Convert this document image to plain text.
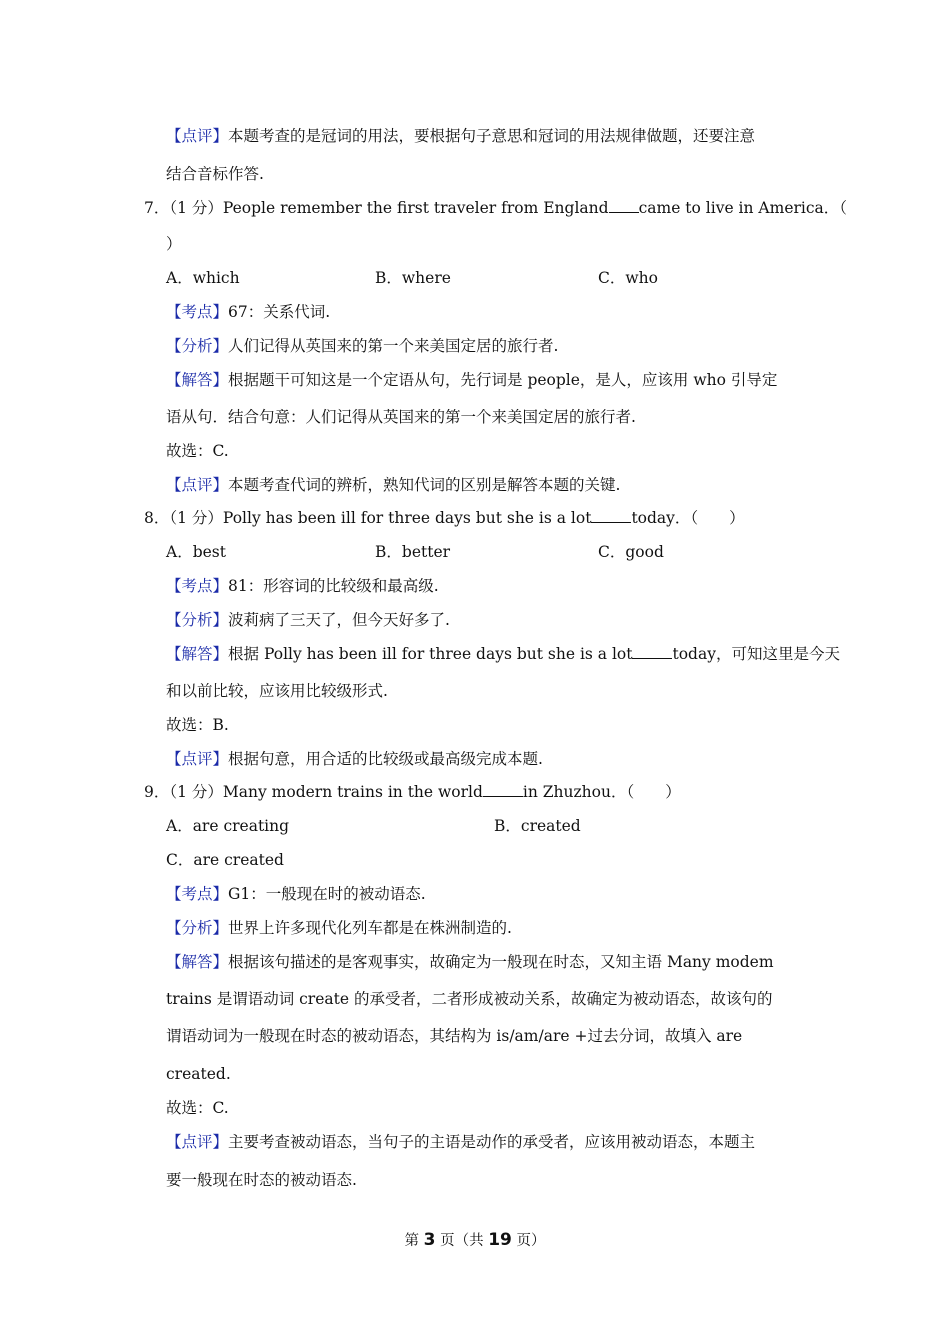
【点评】本题考查的是冠词的用法，要根据句子意思和冠词的用法规律做题，还要注意
结合音标作答.
7．（1 分）People remember the first traveler from England came to live in America．（
）
A．which	B．where	C．who
【考点】67：关系代词.
【分析】人们记得从英国来的第一个来美国定居的旅行者.
【解答】根据题干可知这是一个定语从句，先行词是 people，是人，应该用 who 引导定
语从句．结合句意：人们记得从英国来的第一个来美国定居的旅行者.
故选：C.
【点评】本题考查代词的辨析，熟知代词的区别是解答本题的关键.
8．（1 分）Polly has been ill for three days but she is a lot	today．（　　）
A．best	B．better	C．good
【考点】81：形容词的比较级和最高级.
【分析】波莉病了三天了，但今天好多了.
【解答】根据 Polly has been ill for three days but she is a lot	today，可知这里是今天
和以前比较，应该用比较级形式.
故选：B.
【点评】根据句意，用合适的比较级或最高级完成本题.
9．（1 分）Many modern trains in the world	in Zhuzhou．（　　）
A．are creating	B．created
C．are created
【考点】G1：一般现在时的被动语态.
【分析】世界上许多现代化列车都是在株洲制造的.
【解答】根据该句描述的是客观事实，故确定为一般现在时态，又知主语 Many modem
trains 是谓语动词 create 的承受者，二者形成被动关系，故确定为被动语态，故该句的
谓语动词为一般现在时态的被动语态，其结构为 is/am/are +过去分词，故填入 are
created.
故选：C.
【点评】主要考查被动语态，当句子的主语是动作的承受者，应该用被动语态，本题主
要一般现在时态的被动语态.
第 3 页（共 19 页）
